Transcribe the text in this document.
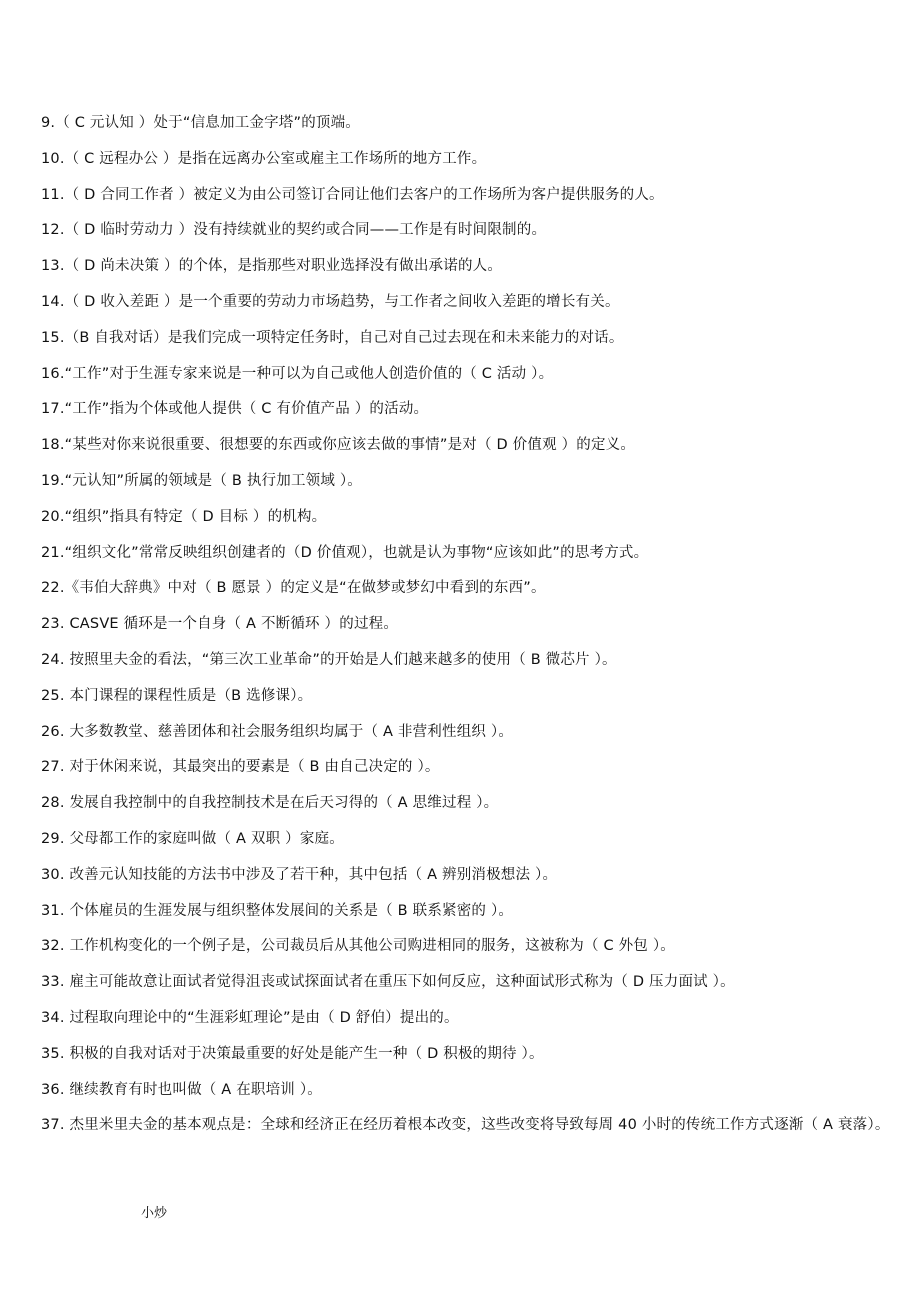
9.（ C 元认知 ）处于“信息加工金字塔”的顶端。
10.（ C 远程办公 ）是指在远离办公室或雇主工作场所的地方工作。
11.（ D 合同工作者 ）被定义为由公司签订合同让他们去客户的工作场所为客户提供服务的人。
12.（ D 临时劳动力 ）没有持续就业的契约或合同——工作是有时间限制的。
13.（ D 尚未决策 ）的个体，是指那些对职业选择没有做出承诺的人。
14.（ D 收入差距 ）是一个重要的劳动力市场趋势，与工作者之间收入差距的增长有关。
15.（B 自我对话）是我们完成一项特定任务时，自己对自己过去现在和未来能力的对话。
16.“工作”对于生涯专家来说是一种可以为自己或他人创造价值的（ C 活动 ）。
17.“工作”指为个体或他人提供（ C 有价值产品 ）的活动。
18.“某些对你来说很重要、很想要的东西或你应该去做的事情”是对（ D 价值观 ）的定义。
19.“元认知”所属的领域是（ B 执行加工领域 ）。
20.“组织”指具有特定（ D 目标 ）的机构。
21.“组织文化”常常反映组织创建者的（D 价值观），也就是认为事物“应该如此”的思考方式。
22.《韦伯大辞典》中对（ B 愿景 ）的定义是“在做梦或梦幻中看到的东西”。
23. CASVE 循环是一个自身（ A 不断循环 ）的过程。
24. 按照里夫金的看法，“第三次工业革命”的开始是人们越来越多的使用（ B 微芯片 ）。
25. 本门课程的课程性质是（B 选修课）。
26. 大多数教堂、慈善团体和社会服务组织均属于（ A 非营利性组织 ）。
27. 对于休闲来说，其最突出的要素是（ B 由自己决定的 ）。
28. 发展自我控制中的自我控制技术是在后天习得的（ A 思维过程 ）。
29. 父母都工作的家庭叫做（ A 双职 ）家庭。
30. 改善元认知技能的方法书中涉及了若干种，其中包括（ A 辨别消极想法 ）。
31. 个体雇员的生涯发展与组织整体发展间的关系是（ B 联系紧密的 ）。
32. 工作机构变化的一个例子是，公司裁员后从其他公司购进相同的服务，这被称为（ C 外包 ）。
33. 雇主可能故意让面试者觉得沮丧或试探面试者在重压下如何反应，这种面试形式称为（ D 压力面试 ）。
34. 过程取向理论中的“生涯彩虹理论”是由（ D 舒伯）提出的。
35. 积极的自我对话对于决策最重要的好处是能产生一种（ D 积极的期待 ）。
36. 继续教育有时也叫做（ A 在职培训 ）。
37. 杰里米里夫金的基本观点是：全球和经济正在经历着根本改变，这些改变将导致每周 40 小时的传统工作方式逐渐（ A 衰落）。
小炒
